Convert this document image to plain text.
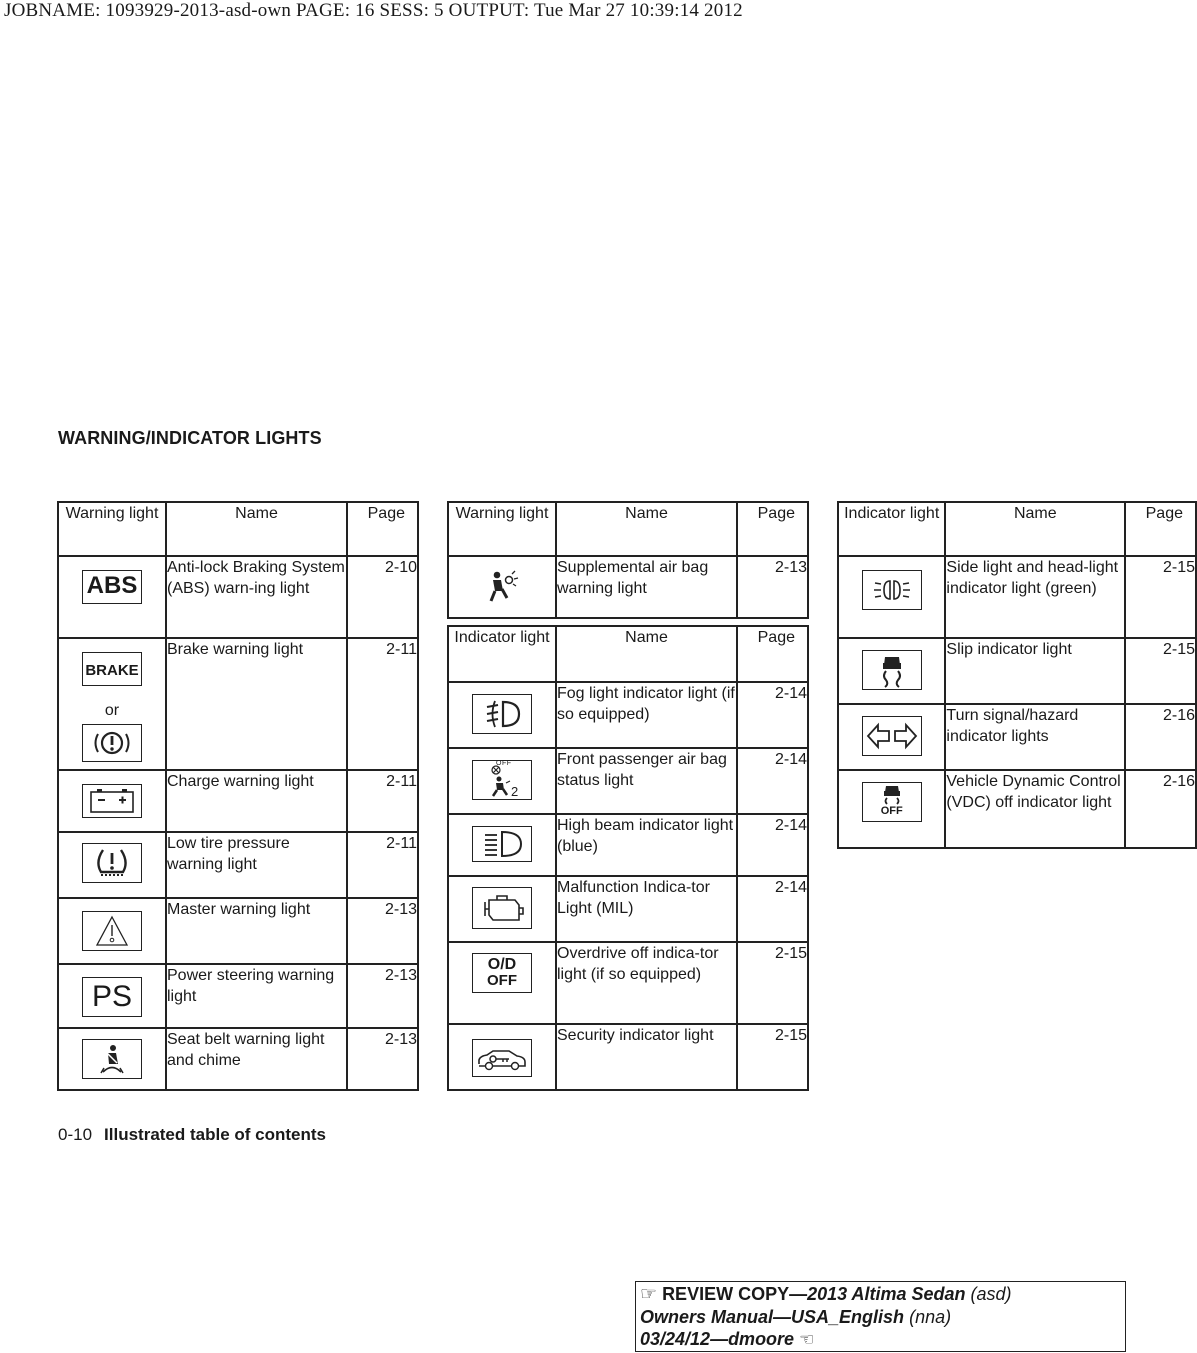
JOBNAME: 1093929-2013-asd-own PAGE: 16 SESS: 5 OUTPUT: Tue Mar 27 10:39:14 2012
WARNING/INDICATOR LIGHTS
Warning light	Name	Page

ABS	Anti-lock Braking System (ABS) warn-ing light	2-10

BRAKE
or	Brake warning light	2-11

	Charge warning light	2-11

	Low tire pressure warning light	2-11

	Master warning light	2-13

PS	Power steering warning light	2-13

	Seat belt warning light and chime	2-13
Warning light	Name	Page

	Supplemental air bag warning light	2-13

Indicator light	Name	Page

	Fog light indicator light (if so equipped)	2-14

2
OFF	Front passenger air bag status light	2-14

	High beam indicator light (blue)	2-14

	Malfunction Indica-tor Light (MIL)	2-14

O/D
OFF	Overdrive off indica-tor light (if so equipped)	2-15

	Security indicator light	2-15
Indicator light	Name	Page

	Side light and head-light indicator light (green)	2-15

	Slip indicator light	2-15

	Turn signal/hazard indicator lights	2-16

OFF	Vehicle Dynamic Control (VDC) off indicator light	2-16
0-10 Illustrated table of contents
☞ REVIEW COPY—2013 Altima Sedan (asd)
Owners Manual—USA_English (nna)
03/24/12—dmoore ☜
